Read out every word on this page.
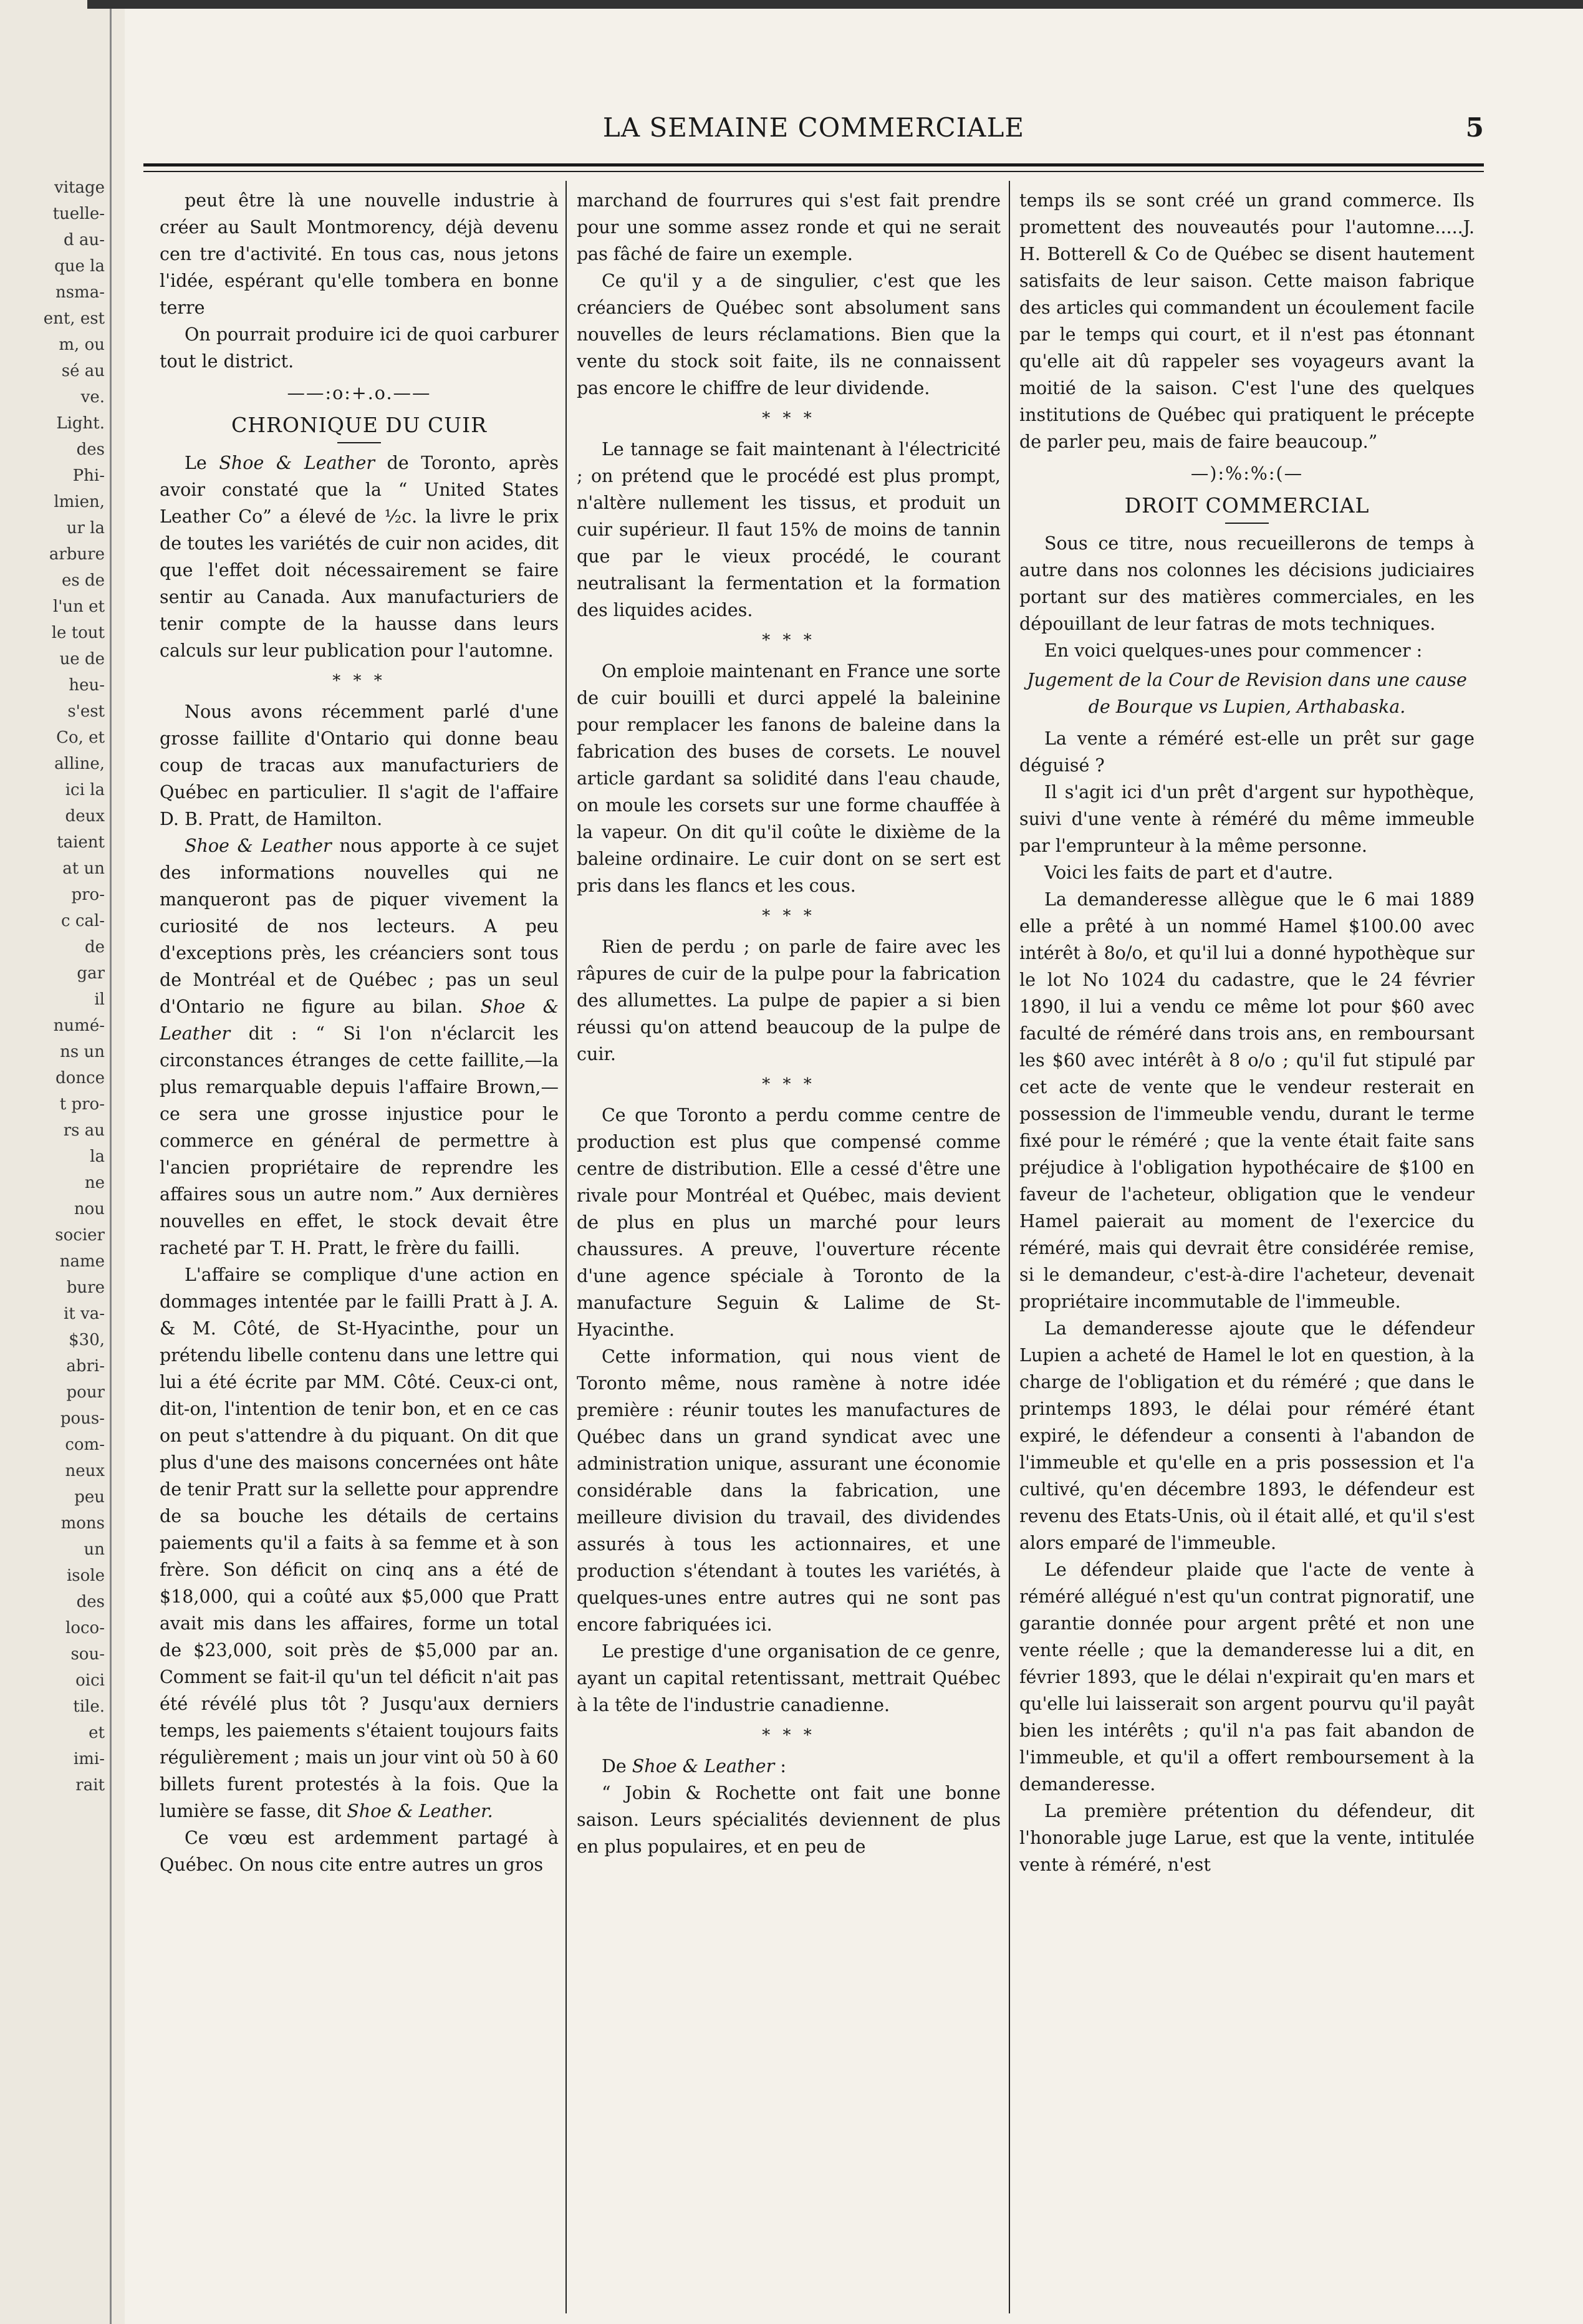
vitage
tuelle-
d au-
que la
nsma-
ent, est
m, ou
sé au
ve.
Light.
des
Phi-
lmien,
ur la
arbure
es de
l'un et
le tout
ue de
heu-
s'est
Co, et
alline,
ici la
deux
taient
at un
pro-
c cal-
de
gar
il
numé-
ns un
donce
t pro-
rs au
la
ne
nou
socier
name
bure
it va-
$30,
abri-
pour
pous-
com-
neux
peu
mons
un
isole
des
loco-
sou-
oici
tile.
et
imi-
rait
LA SEMAINE COMMERCIALE	5

peut être là une nouvelle industrie à créer au Sault Montmorency, déjà devenu cen tre d'activité. En tous cas, nous jetons l'idée, espérant qu'elle tombera en bonne terre

On pourrait produire ici de quoi carburer tout le district.

——:o:+.o.——

CHRONIQUE DU CUIR

Le Shoe & Leather de Toronto, après avoir constaté que la “ United States Leather Co” a élevé de ½c. la livre le prix de toutes les variétés de cuir non acides, dit que l'effet doit nécessairement se faire sentir au Canada. Aux manufacturiers de tenir compte de la hausse dans leurs calculs sur leur publication pour l'automne.

* * *

Nous avons récemment parlé d'une grosse faillite d'Ontario qui donne beau coup de tracas aux manufacturiers de Québec en particulier. Il s'agit de l'affaire D. B. Pratt, de Hamilton.

Shoe & Leather nous apporte à ce sujet des informations nouvelles qui ne manqueront pas de piquer vivement la curiosité de nos lecteurs. A peu d'exceptions près, les créanciers sont tous de Montréal et de Québec ; pas un seul d'Ontario ne figure au bilan. Shoe & Leather dit : “ Si l'on n'éclarcit les circonstances étranges de cette faillite,—la plus remarquable depuis l'affaire Brown,—ce sera une grosse injustice pour le commerce en général de permettre à l'ancien propriétaire de reprendre les affaires sous un autre nom.” Aux dernières nouvelles en effet, le stock devait être racheté par T. H. Pratt, le frère du failli.

L'affaire se complique d'une action en dommages intentée par le failli Pratt à J. A. & M. Côté, de St-Hyacinthe, pour un prétendu libelle contenu dans une lettre qui lui a été écrite par MM. Côté. Ceux-ci ont, dit-on, l'intention de tenir bon, et en ce cas on peut s'attendre à du piquant. On dit que plus d'une des maisons concernées ont hâte de tenir Pratt sur la sellette pour apprendre de sa bouche les détails de certains paiements qu'il a faits à sa femme et à son frère. Son déficit on cinq ans a été de $18,000, qui a coûté aux $5,000 que Pratt avait mis dans les affaires, forme un total de $23,000, soit près de $5,000 par an. Comment se fait-il qu'un tel déficit n'ait pas été révélé plus tôt ? Jusqu'aux derniers temps, les paiements s'étaient toujours faits régulièrement ; mais un jour vint où 50 à 60 billets furent protestés à la fois. Que la lumière se fasse, dit Shoe & Leather.

Ce vœu est ardemment partagé à Québec. On nous cite entre autres un gros

marchand de fourrures qui s'est fait prendre pour une somme assez ronde et qui ne serait pas fâché de faire un exemple.

Ce qu'il y a de singulier, c'est que les créanciers de Québec sont absolument sans nouvelles de leurs réclamations. Bien que la vente du stock soit faite, ils ne connaissent pas encore le chiffre de leur dividende.

* * *

Le tannage se fait maintenant à l'électricité ; on prétend que le procédé est plus prompt, n'altère nullement les tissus, et produit un cuir supérieur. Il faut 15% de moins de tannin que par le vieux procédé, le courant neutralisant la fermentation et la formation des liquides acides.

* * *

On emploie maintenant en France une sorte de cuir bouilli et durci appelé la baleinine pour remplacer les fanons de baleine dans la fabrication des buses de corsets. Le nouvel article gardant sa solidité dans l'eau chaude, on moule les corsets sur une forme chauffée à la vapeur. On dit qu'il coûte le dixième de la baleine ordinaire. Le cuir dont on se sert est pris dans les flancs et les cous.

* * *

Rien de perdu ; on parle de faire avec les râpures de cuir de la pulpe pour la fabrication des allumettes. La pulpe de papier a si bien réussi qu'on attend beaucoup de la pulpe de cuir.

* * *

Ce que Toronto a perdu comme centre de production est plus que compensé comme centre de distribution. Elle a cessé d'être une rivale pour Montréal et Québec, mais devient de plus en plus un marché pour leurs chaussures. A preuve, l'ouverture récente d'une agence spéciale à Toronto de la manufacture Seguin & Lalime de St-Hyacinthe.

Cette information, qui nous vient de Toronto même, nous ramène à notre idée première : réunir toutes les manufactures de Québec dans un grand syndicat avec une administration unique, assurant une économie considérable dans la fabrication, une meilleure division du travail, des dividendes assurés à tous les actionnaires, et une production s'étendant à toutes les variétés, à quelques-unes entre autres qui ne sont pas encore fabriquées ici.

Le prestige d'une organisation de ce genre, ayant un capital retentissant, mettrait Québec à la tête de l'industrie canadienne.

* * *

De Shoe & Leather :

“ Jobin & Rochette ont fait une bonne saison. Leurs spécialités deviennent de plus en plus populaires, et en peu de

temps ils se sont créé un grand commerce. Ils promettent des nouveautés pour l'automne.....J. H. Botterell & Co de Québec se disent hautement satisfaits de leur saison. Cette maison fabrique des articles qui commandent un écoulement facile par le temps qui court, et il n'est pas étonnant qu'elle ait dû rappeler ses voyageurs avant la moitié de la saison. C'est l'une des quelques institutions de Québec qui pratiquent le précepte de parler peu, mais de faire beaucoup.”

—):%:%:(—

DROIT COMMERCIAL

Sous ce titre, nous recueillerons de temps à autre dans nos colonnes les décisions judiciaires portant sur des matières commerciales, en les dépouillant de leur fatras de mots techniques.

En voici quelques-unes pour commencer :

Jugement de la Cour de Revision dans une cause de Bourque vs Lupien, Arthabaska.

La vente a réméré est-elle un prêt sur gage déguisé ?

Il s'agit ici d'un prêt d'argent sur hypothèque, suivi d'une vente à réméré du même immeuble par l'emprunteur à la même personne.

Voici les faits de part et d'autre.

La demanderesse allègue que le 6 mai 1889 elle a prêté à un nommé Hamel $100.00 avec intérêt à 8o/o, et qu'il lui a donné hypothèque sur le lot No 1024 du cadastre, que le 24 février 1890, il lui a vendu ce même lot pour $60 avec faculté de réméré dans trois ans, en remboursant les $60 avec intérêt à 8 o/o ; qu'il fut stipulé par cet acte de vente que le vendeur resterait en possession de l'immeuble vendu, durant le terme fixé pour le réméré ; que la vente était faite sans préjudice à l'obligation hypothécaire de $100 en faveur de l'acheteur, obligation que le vendeur Hamel paierait au moment de l'exercice du réméré, mais qui devrait être considérée remise, si le demandeur, c'est-à-dire l'acheteur, devenait propriétaire incommutable de l'immeuble.

La demanderesse ajoute que le défendeur Lupien a acheté de Hamel le lot en question, à la charge de l'obligation et du réméré ; que dans le printemps 1893, le délai pour réméré étant expiré, le défendeur a consenti à l'abandon de l'immeuble et qu'elle en a pris possession et l'a cultivé, qu'en décembre 1893, le défendeur est revenu des Etats-Unis, où il était allé, et qu'il s'est alors emparé de l'immeuble.

Le défendeur plaide que l'acte de vente à réméré allégué n'est qu'un contrat pignoratif, une garantie donnée pour argent prêté et non une vente réelle ; que la demanderesse lui a dit, en février 1893, que le délai n'expirait qu'en mars et qu'elle lui laisserait son argent pourvu qu'il payât bien les intérêts ; qu'il n'a pas fait abandon de l'immeuble, et qu'il a offert remboursement à la demanderesse.

La première prétention du défendeur, dit l'honorable juge Larue, est que la vente, intitulée vente à réméré, n'est
